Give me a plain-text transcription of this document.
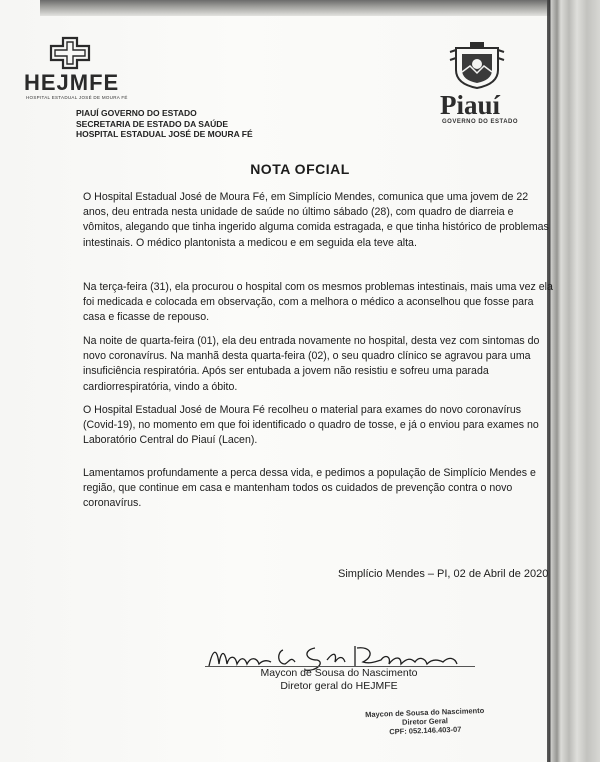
HEJMFE
HOSPITAL ESTADUAL JOSÉ DE MOURA FÉ
PIAUÍ GOVERNO DO ESTADO
SECRETARIA DE ESTADO DA SAÚDE
HOSPITAL ESTADUAL JOSÉ DE MOURA FÉ
Piauí
GOVERNO DO ESTADO
NOTA OFCIAL

O Hospital Estadual José de Moura Fé, em Simplício Mendes, comunica que uma jovem de 22 anos, deu entrada nesta unidade de saúde no último sábado (28), com quadro de diarreia e vômitos, alegando que tinha ingerido alguma comida estragada, e que tinha histórico de problemas intestinais. O médico plantonista a medicou e em seguida ela teve alta.

Na terça-feira (31), ela procurou o hospital com os mesmos problemas intestinais, mais uma vez ela foi medicada e colocada em observação, com a melhora o médico a aconselhou que fosse para casa e ficasse de repouso.

Na noite de quarta-feira (01), ela deu entrada novamente no hospital, desta vez com sintomas do novo coronavírus. Na manhã desta quarta-feira (02), o seu quadro clínico se agravou para uma insuficiência respiratória. Após ser entubada a jovem não resistiu e sofreu uma parada cardiorrespiratória, vindo a óbito.

O Hospital Estadual José de Moura Fé recolheu o material para exames do novo coronavírus (Covid-19), no momento em que foi identificado o quadro de tosse, e já o enviou para exames no Laboratório Central do Piauí (Lacen).

Lamentamos profundamente a perca dessa vida, e pedimos a população de Simplício Mendes e região, que continue em casa e mantenham todos os cuidados de prevenção contra o novo coronavírus.

Simplício Mendes – PI, 02 de Abril de 2020
Maycon de Sousa do Nascimento
Diretor geral do HEJMFE
Maycon de Sousa do Nascimento
Diretor Geral
CPF: 052.146.403-07
